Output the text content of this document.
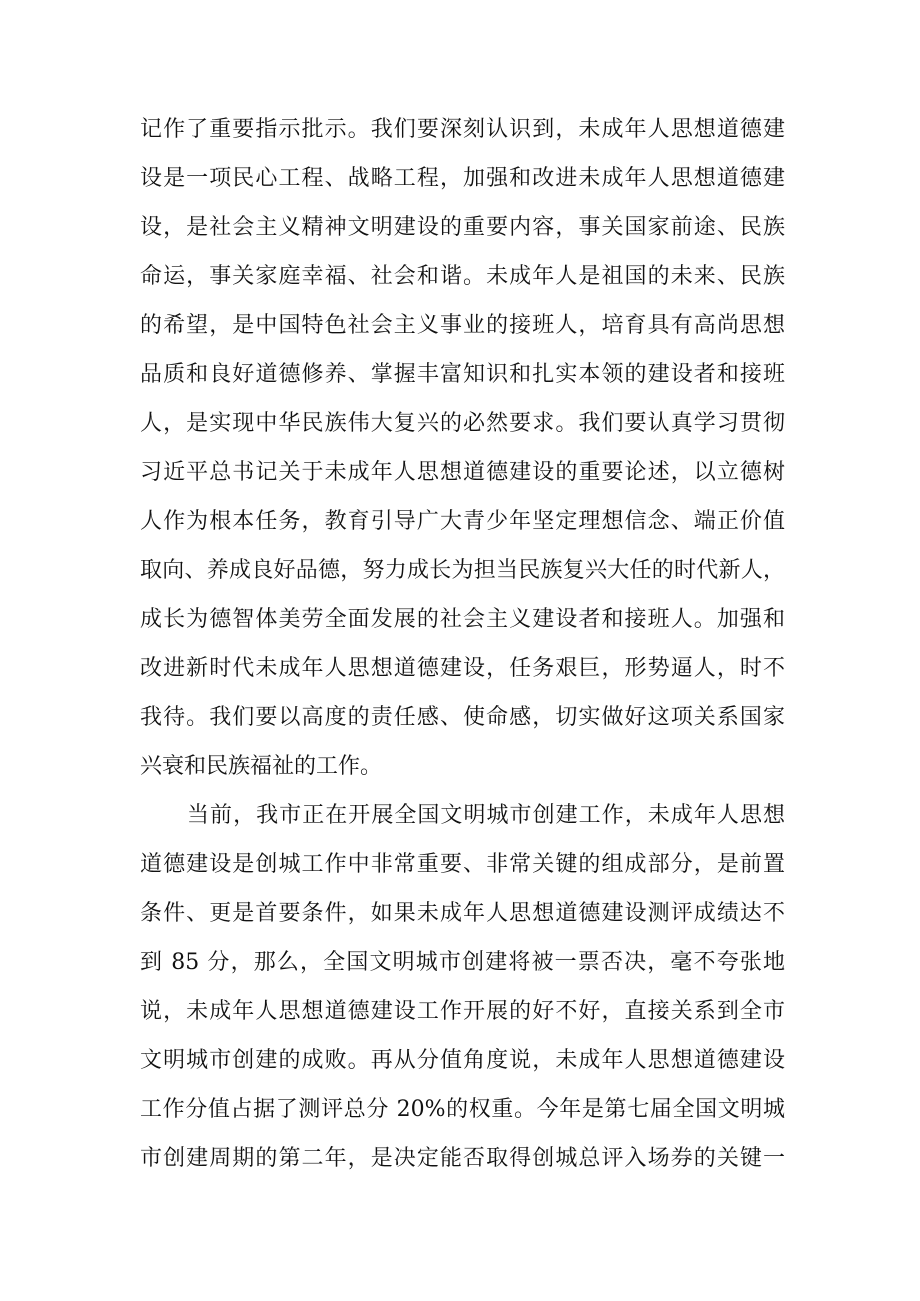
记作了重要指示批示。我们要深刻认识到，未成年人思想道德建
设是一项民心工程、战略工程，加强和改进未成年人思想道德建
设，是社会主义精神文明建设的重要内容，事关国家前途、民族
命运，事关家庭幸福、社会和谐。未成年人是祖国的未来、民族
的希望，是中国特色社会主义事业的接班人，培育具有高尚思想
品质和良好道德修养、掌握丰富知识和扎实本领的建设者和接班
人，是实现中华民族伟大复兴的必然要求。我们要认真学习贯彻
习近平总书记关于未成年人思想道德建设的重要论述，以立德树
人作为根本任务，教育引导广大青少年坚定理想信念、端正价值
取向、养成良好品德，努力成长为担当民族复兴大任的时代新人，
成长为德智体美劳全面发展的社会主义建设者和接班人。加强和
改进新时代未成年人思想道德建设，任务艰巨，形势逼人，时不
我待。我们要以高度的责任感、使命感，切实做好这项关系国家
兴衰和民族福祉的工作。
当前，我市正在开展全国文明城市创建工作，未成年人思想
道德建设是创城工作中非常重要、非常关键的组成部分，是前置
条件、更是首要条件，如果未成年人思想道德建设测评成绩达不
到 85 分，那么，全国文明城市创建将被一票否决，毫不夸张地
说，未成年人思想道德建设工作开展的好不好，直接关系到全市
文明城市创建的成败。再从分值角度说，未成年人思想道德建设
工作分值占据了测评总分 20%的权重。今年是第七届全国文明城
市创建周期的第二年，是决定能否取得创城总评入场券的关键一
